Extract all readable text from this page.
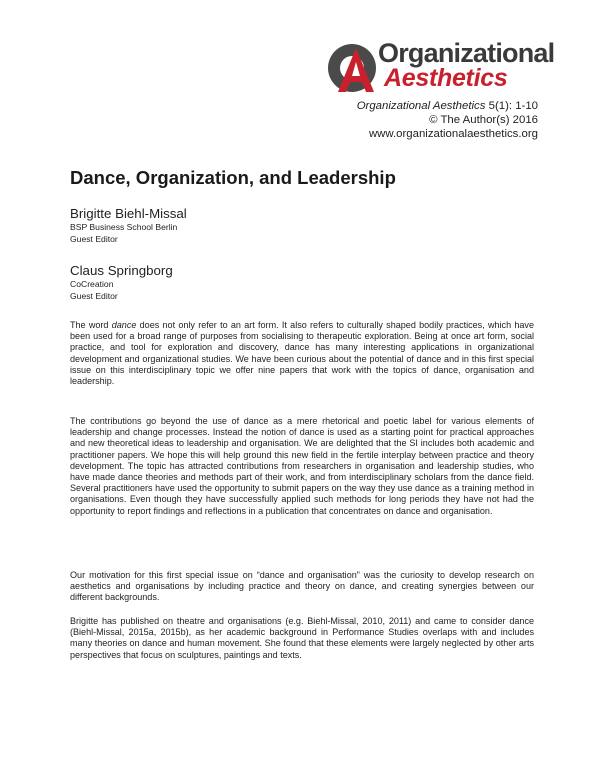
Organizational
Aesthetics
Organizational Aesthetics 5(1): 1-10
© The Author(s) 2016
www.organizationalaesthetics.org
Dance, Organization, and Leadership
Brigitte Biehl-Missal
BSP Business School Berlin
Guest Editor
Claus Springborg
CoCreation
Guest Editor
The word dance does not only refer to an art form. It also refers to culturally shaped bodily practices, which have been used for a broad range of purposes from socialising to therapeutic exploration. Being at once art form, social practice, and tool for exploration and discovery, dance has many interesting applications in organizational development and organizational studies. We have been curious about the potential of dance and in this first special issue on this interdisciplinary topic we offer nine papers that work with the topics of dance, organisation and leadership.
The contributions go beyond the use of dance as a mere rhetorical and poetic label for various elements of leadership and change processes. Instead the notion of dance is used as a starting point for practical approaches and new theoretical ideas to leadership and organisation. We are delighted that the SI includes both academic and practitioner papers. We hope this will help ground this new field in the fertile interplay between practice and theory development. The topic has attracted contributions from researchers in organisation and leadership studies, who have made dance theories and methods part of their work, and from interdisciplinary scholars from the dance field. Several practitioners have used the opportunity to submit papers on the way they use dance as a training method in organisations. Even though they have successfully applied such methods for long periods they have not had the opportunity to report findings and reflections in a publication that concentrates on dance and organisation.
Our motivation for this first special issue on “dance and organisation” was the curiosity to develop research on aesthetics and organisations by including practice and theory on dance, and creating synergies between our different backgrounds.
Brigitte has published on theatre and organisations (e.g. Biehl-Missal, 2010, 2011) and came to consider dance (Biehl-Missal, 2015a, 2015b), as her academic background in Performance Studies overlaps with and includes many theories on dance and human movement. She found that these elements were largely neglected by other arts perspectives that focus on sculptures, paintings and texts.
